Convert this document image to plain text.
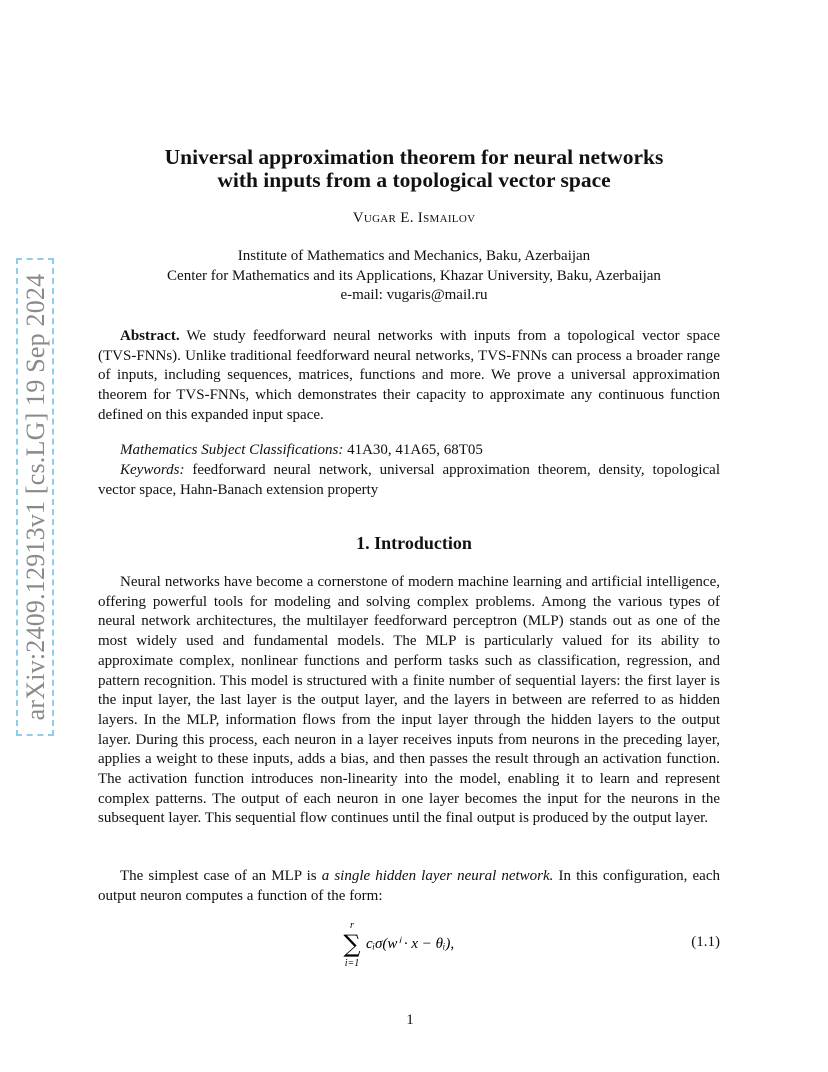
arXiv:2409.12913v1 [cs.LG] 19 Sep 2024
Universal approximation theorem for neural networks
with inputs from a topological vector space
Vugar E. Ismailov
Institute of Mathematics and Mechanics, Baku, Azerbaijan
Center for Mathematics and its Applications, Khazar University, Baku, Azerbaijan
e-mail: vugaris@mail.ru
Abstract. We study feedforward neural networks with inputs from a topological vector space (TVS-FNNs). Unlike traditional feedforward neural networks, TVS-FNNs can process a broader range of inputs, including sequences, matrices, functions and more. We prove a universal approximation theorem for TVS-FNNs, which demonstrates their capacity to approximate any continuous function defined on this expanded input space.
Mathematics Subject Classifications: 41A30, 41A65, 68T05
Keywords: feedforward neural network, universal approximation theorem, density, topological vector space, Hahn-Banach extension property
1. Introduction
Neural networks have become a cornerstone of modern machine learning and artificial intelligence, offering powerful tools for modeling and solving complex problems. Among the various types of neural network architectures, the multilayer feedforward perceptron (MLP) stands out as one of the most widely used and fundamental models. The MLP is particularly valued for its ability to approximate complex, nonlinear functions and perform tasks such as classification, regression, and pattern recognition. This model is structured with a finite number of sequential layers: the first layer is the input layer, the last layer is the output layer, and the layers in between are referred to as hidden layers. In the MLP, information flows from the input layer through the hidden layers to the output layer. During this process, each neuron in a layer receives inputs from neurons in the preceding layer, applies a weight to these inputs, adds a bias, and then passes the result through an activation function. The activation function introduces non-linearity into the model, enabling it to learn and represent complex patterns. The output of each neuron in one layer becomes the input for the neurons in the subsequent layer. This sequential flow continues until the final output is produced by the output layer.
The simplest case of an MLP is a single hidden layer neural network. In this configuration, each output neuron computes a function of the form:
r
∑
i=1
cᵢσ(wⁱ · x − θᵢ),	(1.1)
1
